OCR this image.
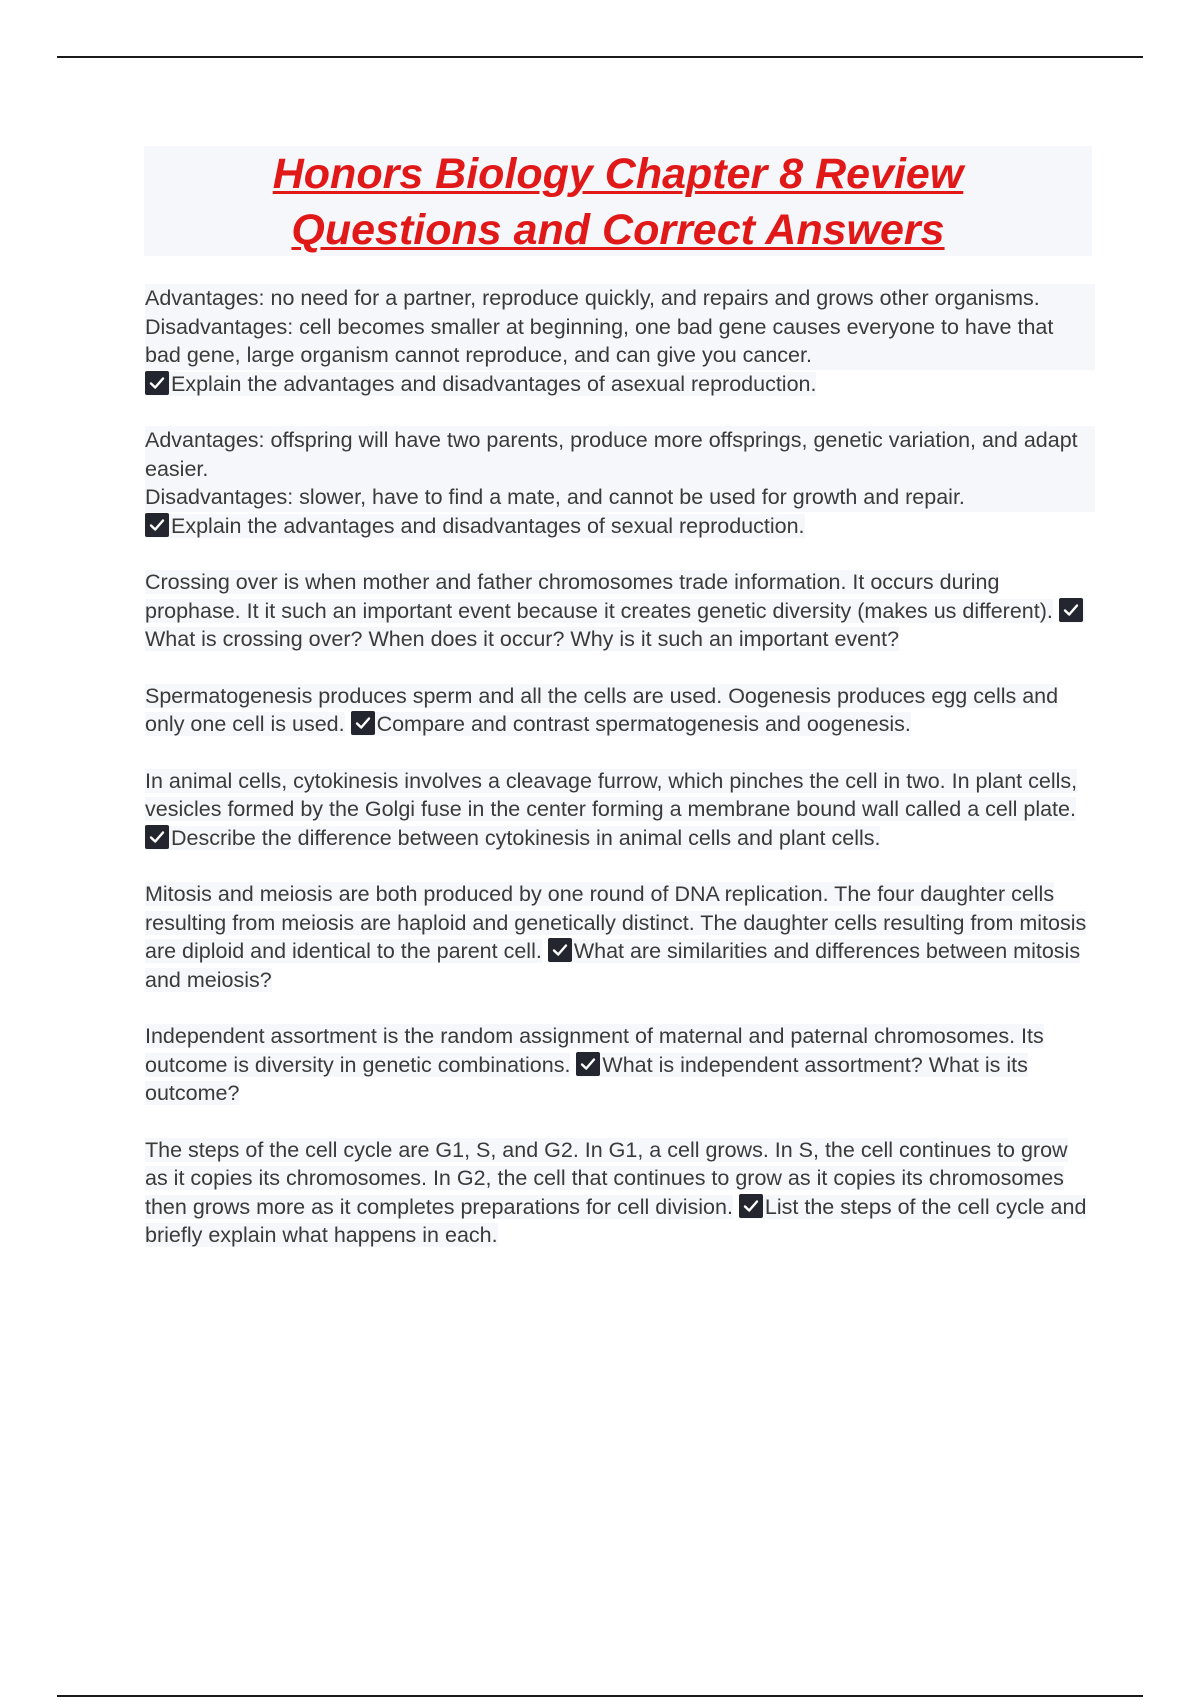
Honors Biology Chapter 8 Review
Questions and Correct Answers
Advantages: no need for a partner, reproduce quickly, and repairs and grows other organisms.
Disadvantages: cell becomes smaller at beginning, one bad gene causes everyone to have that bad gene, large organism cannot reproduce, and can give you cancer.
Explain the advantages and disadvantages of asexual reproduction.
Advantages: offspring will have two parents, produce more offsprings, genetic variation, and adapt easier.
Disadvantages: slower, have to find a mate, and cannot be used for growth and repair.
Explain the advantages and disadvantages of sexual reproduction.
Crossing over is when mother and father chromosomes trade information. It occurs during prophase. It it such an important event because it creates genetic diversity (makes us different).
What is crossing over? When does it occur? Why is it such an important event?
Spermatogenesis produces sperm and all the cells are used. Oogenesis produces egg cells and only one cell is used. Compare and contrast spermatogenesis and oogenesis.
In animal cells, cytokinesis involves a cleavage furrow, which pinches the cell in two. In plant cells, vesicles formed by the Golgi fuse in the center forming a membrane bound wall called a cell plate.
Describe the difference between cytokinesis in animal cells and plant cells.
Mitosis and meiosis are both produced by one round of DNA replication. The four daughter cells resulting from meiosis are haploid and genetically distinct. The daughter cells resulting from mitosis are diploid and identical to the parent cell. What are similarities and differences between mitosis and meiosis?
Independent assortment is the random assignment of maternal and paternal chromosomes. Its outcome is diversity in genetic combinations. What is independent assortment? What is its outcome?
The steps of the cell cycle are G1, S, and G2. In G1, a cell grows. In S, the cell continues to grow as it copies its chromosomes. In G2, the cell that continues to grow as it copies its chromosomes then grows more as it completes preparations for cell division. List the steps of the cell cycle and briefly explain what happens in each.
